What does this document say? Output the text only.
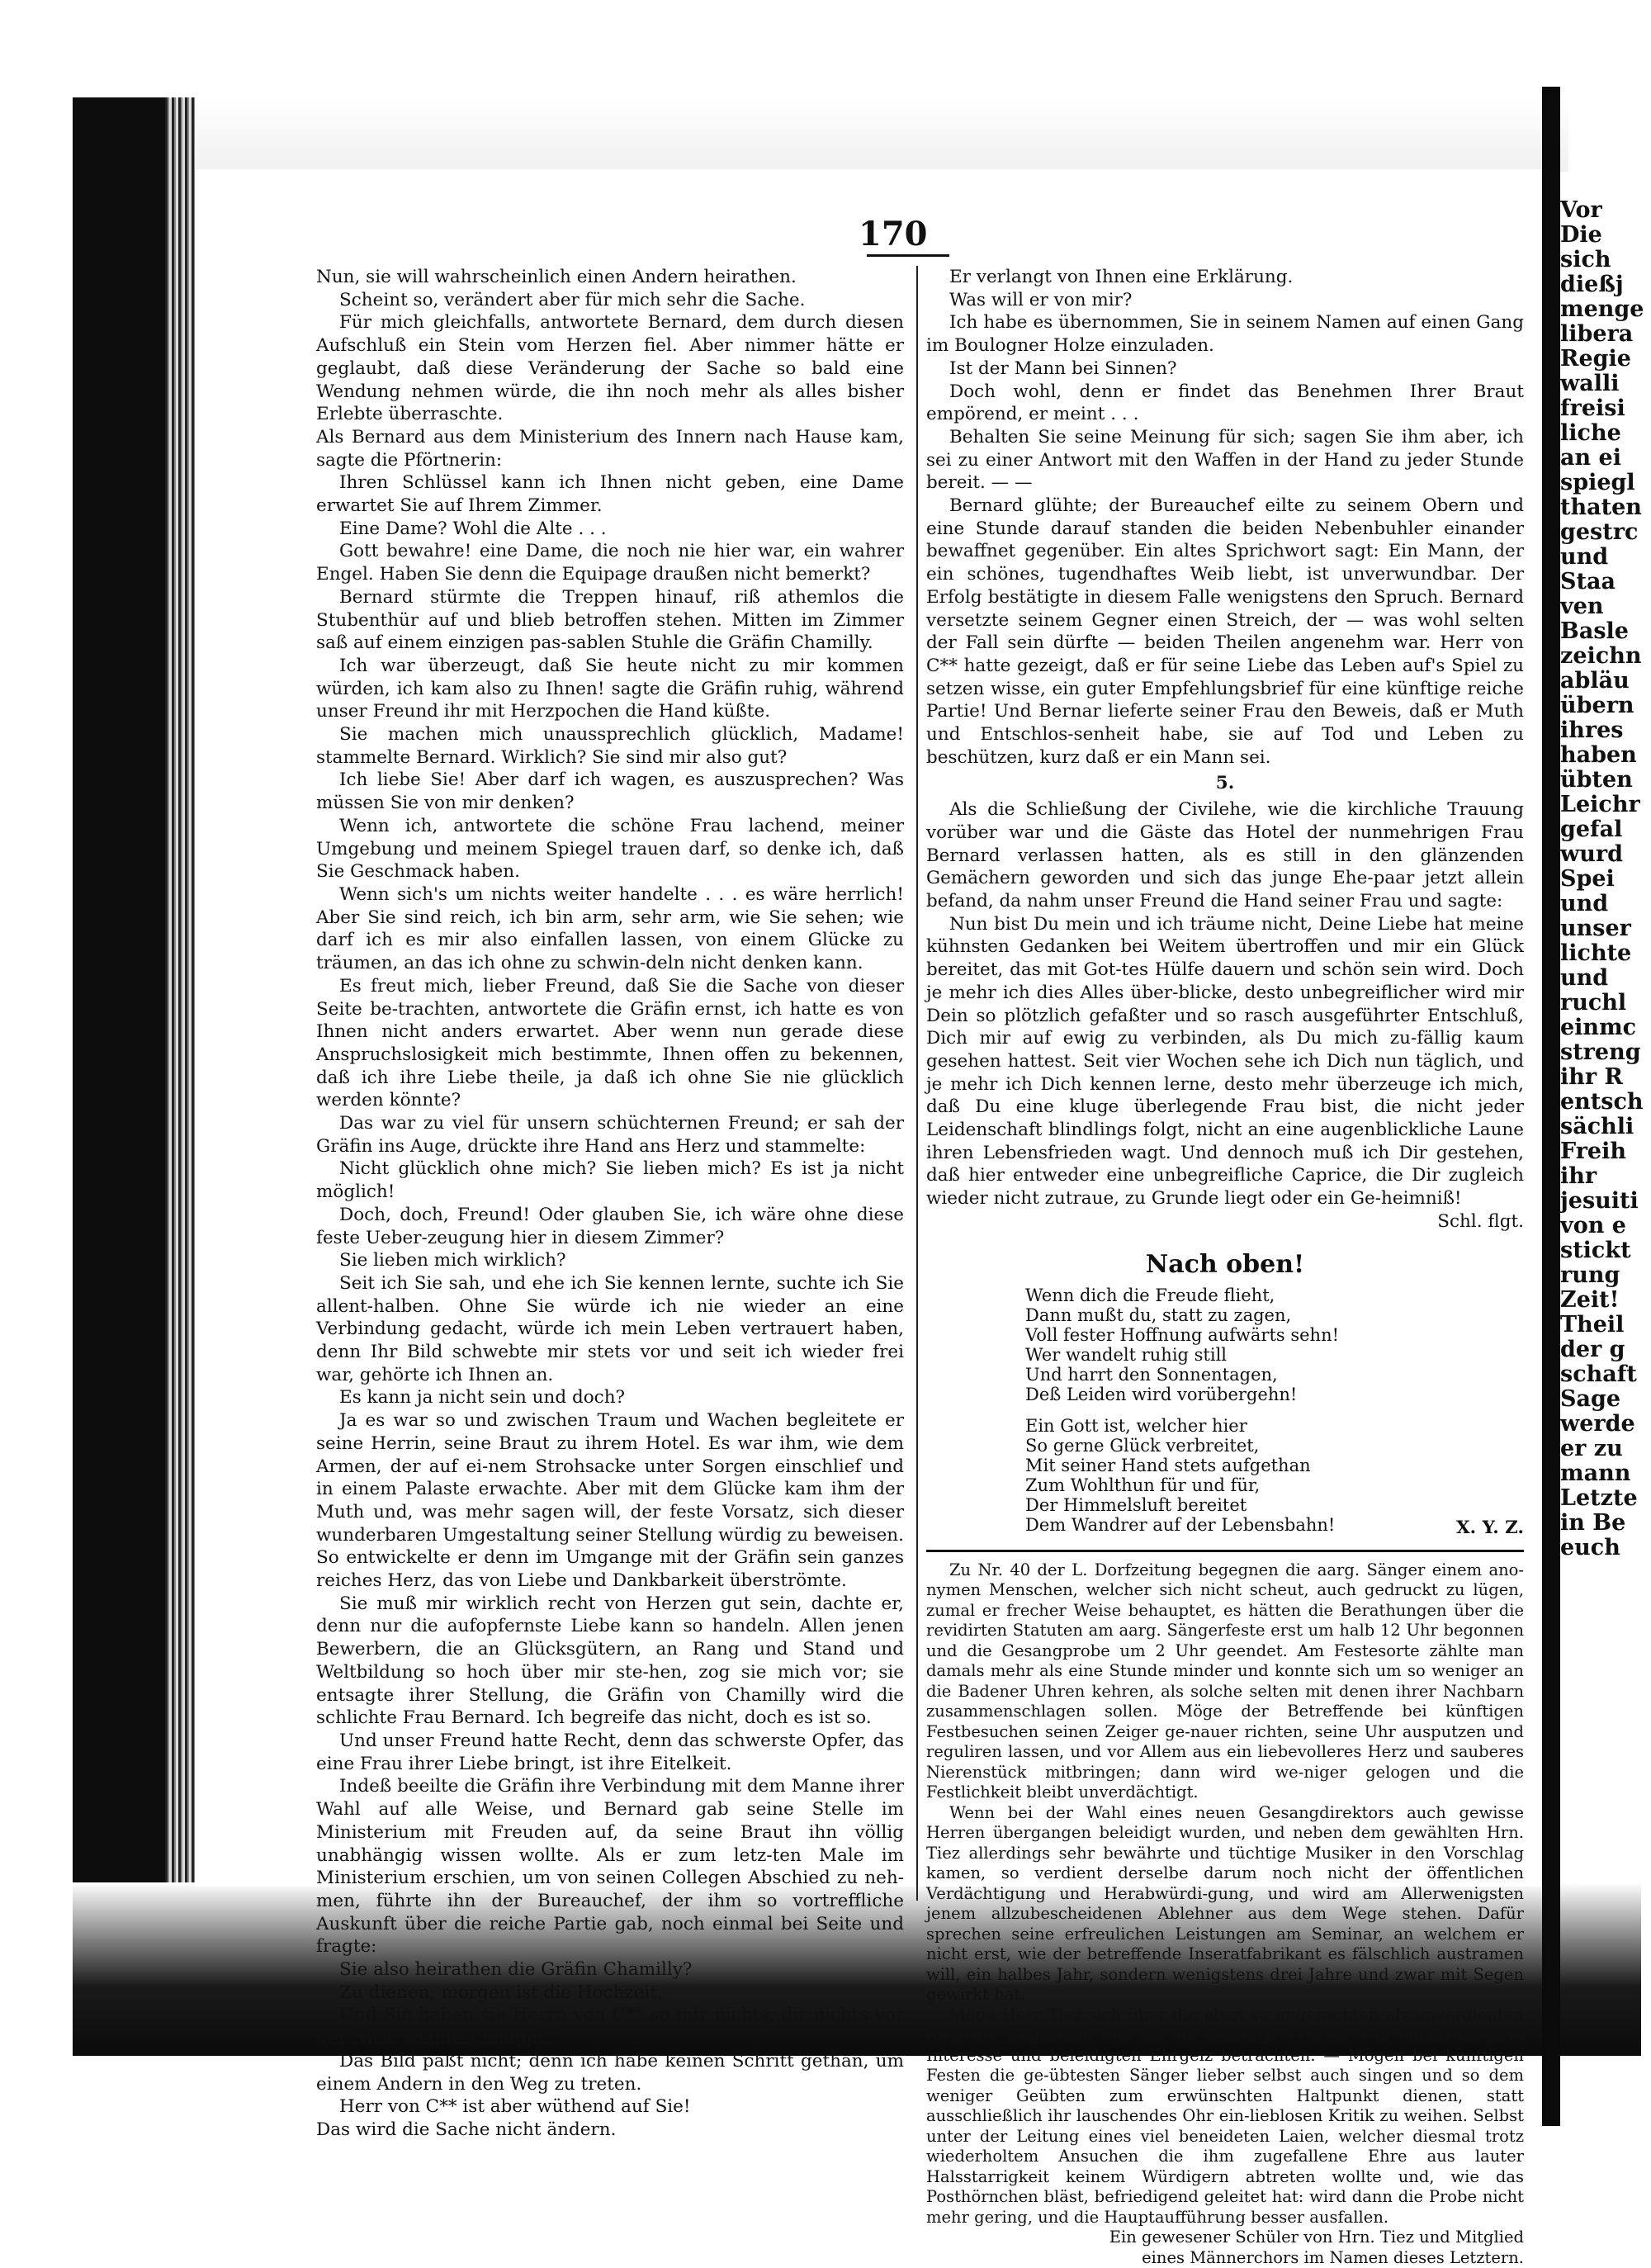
Vor
Die
sich
dießj
menge
libera
Regie
walli
freisi
liche
an ei
spiegl
thaten
gestrc
und
Staa
ven
Basle
zeichn
abläu
übern
ihres
haben
übten
Leichr
gefal
wurd
Spei
und
unser
lichte
und
ruchl
einmc
streng
ihr R
entsch
sächli
Freih
ihr
jesuiti
von e
stickt
rung
Zeit!
Theil
der g
schaft
Sage
werde
er zu
mann
Letzte
in Be
euch
170

Nun, sie will wahrscheinlich einen Andern heirathen.

Scheint so, verändert aber für mich sehr die Sache.

Für mich gleichfalls, antwortete Bernard, dem durch diesen Aufschluß ein Stein vom Herzen fiel. Aber nimmer hätte er geglaubt, daß diese Veränderung der Sache so bald eine Wendung nehmen würde, die ihn noch mehr als alles bisher Erlebte überraschte.

Als Bernard aus dem Ministerium des Innern nach Hause kam, sagte die Pförtnerin:

Ihren Schlüssel kann ich Ihnen nicht geben, eine Dame erwartet Sie auf Ihrem Zimmer.

Eine Dame? Wohl die Alte . . .

Gott bewahre! eine Dame, die noch nie hier war, ein wahrer Engel. Haben Sie denn die Equipage draußen nicht bemerkt?

Bernard stürmte die Treppen hinauf, riß athemlos die Stubenthür auf und blieb betroffen stehen. Mitten im Zimmer saß auf einem einzigen pas-sablen Stuhle die Gräfin Chamilly.

Ich war überzeugt, daß Sie heute nicht zu mir kommen würden, ich kam also zu Ihnen! sagte die Gräfin ruhig, während unser Freund ihr mit Herzpochen die Hand küßte.

Sie machen mich unaussprechlich glücklich, Madame! stammelte Bernard. Wirklich? Sie sind mir also gut?

Ich liebe Sie! Aber darf ich wagen, es auszusprechen? Was müssen Sie von mir denken?

Wenn ich, antwortete die schöne Frau lachend, meiner Umgebung und meinem Spiegel trauen darf, so denke ich, daß Sie Geschmack haben.

Wenn sich's um nichts weiter handelte . . . es wäre herrlich! Aber Sie sind reich, ich bin arm, sehr arm, wie Sie sehen; wie darf ich es mir also einfallen lassen, von einem Glücke zu träumen, an das ich ohne zu schwin-deln nicht denken kann.

Es freut mich, lieber Freund, daß Sie die Sache von dieser Seite be-trachten, antwortete die Gräfin ernst, ich hatte es von Ihnen nicht anders erwartet. Aber wenn nun gerade diese Anspruchslosigkeit mich bestimmte, Ihnen offen zu bekennen, daß ich ihre Liebe theile, ja daß ich ohne Sie nie glücklich werden könnte?

Das war zu viel für unsern schüchternen Freund; er sah der Gräfin ins Auge, drückte ihre Hand ans Herz und stammelte:

Nicht glücklich ohne mich? Sie lieben mich? Es ist ja nicht möglich!

Doch, doch, Freund! Oder glauben Sie, ich wäre ohne diese feste Ueber-zeugung hier in diesem Zimmer?

Sie lieben mich wirklich?

Seit ich Sie sah, und ehe ich Sie kennen lernte, suchte ich Sie allent-halben. Ohne Sie würde ich nie wieder an eine Verbindung gedacht, würde ich mein Leben vertrauert haben, denn Ihr Bild schwebte mir stets vor und seit ich wieder frei war, gehörte ich Ihnen an.

Es kann ja nicht sein und doch?

Ja es war so und zwischen Traum und Wachen begleitete er seine Herrin, seine Braut zu ihrem Hotel. Es war ihm, wie dem Armen, der auf ei-nem Strohsacke unter Sorgen einschlief und in einem Palaste erwachte. Aber mit dem Glücke kam ihm der Muth und, was mehr sagen will, der feste Vorsatz, sich dieser wunderbaren Umgestaltung seiner Stellung würdig zu beweisen. So entwickelte er denn im Umgange mit der Gräfin sein ganzes reiches Herz, das von Liebe und Dankbarkeit überströmte.

Sie muß mir wirklich recht von Herzen gut sein, dachte er, denn nur die aufopfernste Liebe kann so handeln. Allen jenen Bewerbern, die an Glücksgütern, an Rang und Stand und Weltbildung so hoch über mir ste-hen, zog sie mich vor; sie entsagte ihrer Stellung, die Gräfin von Chamilly wird die schlichte Frau Bernard. Ich begreife das nicht, doch es ist so.

Und unser Freund hatte Recht, denn das schwerste Opfer, das eine Frau ihrer Liebe bringt, ist ihre Eitelkeit.

Indeß beeilte die Gräfin ihre Verbindung mit dem Manne ihrer Wahl auf alle Weise, und Bernard gab seine Stelle im Ministerium mit Freuden auf, da seine Braut ihn völlig unabhängig wissen wollte. Als er zum letz-ten Male im Ministerium erschien, um von seinen Collegen Abschied zu neh-men, führte ihn der Bureauchef, der ihm so vortreffliche Auskunft über die reiche Partie gab, noch einmal bei Seite und fragte:

Sie also heirathen die Gräfin Chamilly?

Zu dienen; morgen ist die Hochzeit.

Und Sie haben sie Herrn von C** so mir nichts, dir nichts vor der Nase weggeschnappt?

Das Bild paßt nicht; denn ich habe keinen Schritt gethan, um einem Andern in den Weg zu treten.

Herr von C** ist aber wüthend auf Sie!

Das wird die Sache nicht ändern.

Er verlangt von Ihnen eine Erklärung.

Was will er von mir?

Ich habe es übernommen, Sie in seinem Namen auf einen Gang im Boulogner Holze einzuladen.

Ist der Mann bei Sinnen?

Doch wohl, denn er findet das Benehmen Ihrer Braut empörend, er meint . . .

Behalten Sie seine Meinung für sich; sagen Sie ihm aber, ich sei zu einer Antwort mit den Waffen in der Hand zu jeder Stunde bereit. — —

Bernard glühte; der Bureauchef eilte zu seinem Obern und eine Stunde darauf standen die beiden Nebenbuhler einander bewaffnet gegenüber. Ein altes Sprichwort sagt: Ein Mann, der ein schönes, tugendhaftes Weib liebt, ist unverwundbar. Der Erfolg bestätigte in diesem Falle wenigstens den Spruch. Bernard versetzte seinem Gegner einen Streich, der — was wohl selten der Fall sein dürfte — beiden Theilen angenehm war. Herr von C** hatte gezeigt, daß er für seine Liebe das Leben auf's Spiel zu setzen wisse, ein guter Empfehlungsbrief für eine künftige reiche Partie! Und Bernar lieferte seiner Frau den Beweis, daß er Muth und Entschlos-senheit habe, sie auf Tod und Leben zu beschützen, kurz daß er ein Mann sei.

5.

Als die Schließung der Civilehe, wie die kirchliche Trauung vorüber war und die Gäste das Hotel der nunmehrigen Frau Bernard verlassen hatten, als es still in den glänzenden Gemächern geworden und sich das junge Ehe-paar jetzt allein befand, da nahm unser Freund die Hand seiner Frau und sagte:

Nun bist Du mein und ich träume nicht, Deine Liebe hat meine kühnsten Gedanken bei Weitem übertroffen und mir ein Glück bereitet, das mit Got-tes Hülfe dauern und schön sein wird. Doch je mehr ich dies Alles über-blicke, desto unbegreiflicher wird mir Dein so plötzlich gefaßter und so rasch ausgeführter Entschluß, Dich mir auf ewig zu verbinden, als Du mich zu-fällig kaum gesehen hattest. Seit vier Wochen sehe ich Dich nun täglich, und je mehr ich Dich kennen lerne, desto mehr überzeuge ich mich, daß Du eine kluge überlegende Frau bist, die nicht jeder Leidenschaft blindlings folgt, nicht an eine augenblickliche Laune ihren Lebensfrieden wagt. Und dennoch muß ich Dir gestehen, daß hier entweder eine unbegreifliche Caprice, die Dir zugleich wieder nicht zutraue, zu Grunde liegt oder ein Ge-heimniß!

Schl. flgt.
Nach oben!
Wenn dich die Freude flieht,
Dann mußt du, statt zu zagen,
Voll fester Hoffnung aufwärts sehn!
Wer wandelt ruhig still
Und harrt den Sonnentagen,
Deß Leiden wird vorübergehn!
Ein Gott ist, welcher hier
So gerne Glück verbreitet,
Mit seiner Hand stets aufgethan
Zum Wohlthun für und für,
Der Himmelsluft bereitet
Dem Wandrer auf der Lebensbahn!	X. Y. Z.

Zu Nr. 40 der L. Dorfzeitung begegnen die aarg. Sänger einem ano-nymen Menschen, welcher sich nicht scheut, auch gedruckt zu lügen, zumal er frecher Weise behauptet, es hätten die Berathungen über die revidirten Statuten am aarg. Sängerfeste erst um halb 12 Uhr begonnen und die Gesangprobe um 2 Uhr geendet. Am Festesorte zählte man damals mehr als eine Stunde minder und konnte sich um so weniger an die Badener Uhren kehren, als solche selten mit denen ihrer Nachbarn zusammenschlagen sollen. Möge der Betreffende bei künftigen Festbesuchen seinen Zeiger ge-nauer richten, seine Uhr ausputzen und reguliren lassen, und vor Allem aus ein liebevolleres Herz und sauberes Nierenstück mitbringen; dann wird we-niger gelogen und die Festlichkeit bleibt unverdächtigt.

Wenn bei der Wahl eines neuen Gesangdirektors auch gewisse Herren übergangen beleidigt wurden, und neben dem gewählten Hrn. Tiez allerdings sehr bewährte und tüchtige Musiker in den Vorschlag kamen, so verdient derselbe darum noch nicht der öffentlichen Verdächtigung und Herabwürdi-gung, und wird am Allerwenigsten jenem allzubescheidenen Ablehner aus dem Wege stehen. Dafür sprechen seine erfreulichen Leistungen am Seminar, an welchem er nicht erst, wie der betreffende Inseratfabrikant es fälschlich austramen will, ein halbes Jahr, sondern wenigstens drei Jahre und zwar mit Segen gewirkt hat.

Möge Herr Tiez sich über die eben so ungerechten als unverdienten An-griffe wegsetzen und sie als unzeitige Früchte von unbefriedigtem Interesse und beleidigten Ehrgeiz betrachten. — Mögen bei künftigen Festen die ge-übtesten Sänger lieber selbst auch singen und so dem weniger Geübten zum erwünschten Haltpunkt dienen, statt ausschließlich ihr lauschendes Ohr ein-lieblosen Kritik zu weihen. Selbst unter der Leitung eines viel beneideten Laien, welcher diesmal trotz wiederholtem Ansuchen die ihm zugefallene Ehre aus lauter Halsstarrigkeit keinem Würdigern abtreten wollte und, wie das Posthörnchen bläst, befriedigend geleitet hat: wird dann die Probe nicht mehr gering, und die Hauptaufführung besser ausfallen.

Ein gewesener Schüler von Hrn. Tiez und Mitglied
eines Männerchors im Namen dieses Letztern.
